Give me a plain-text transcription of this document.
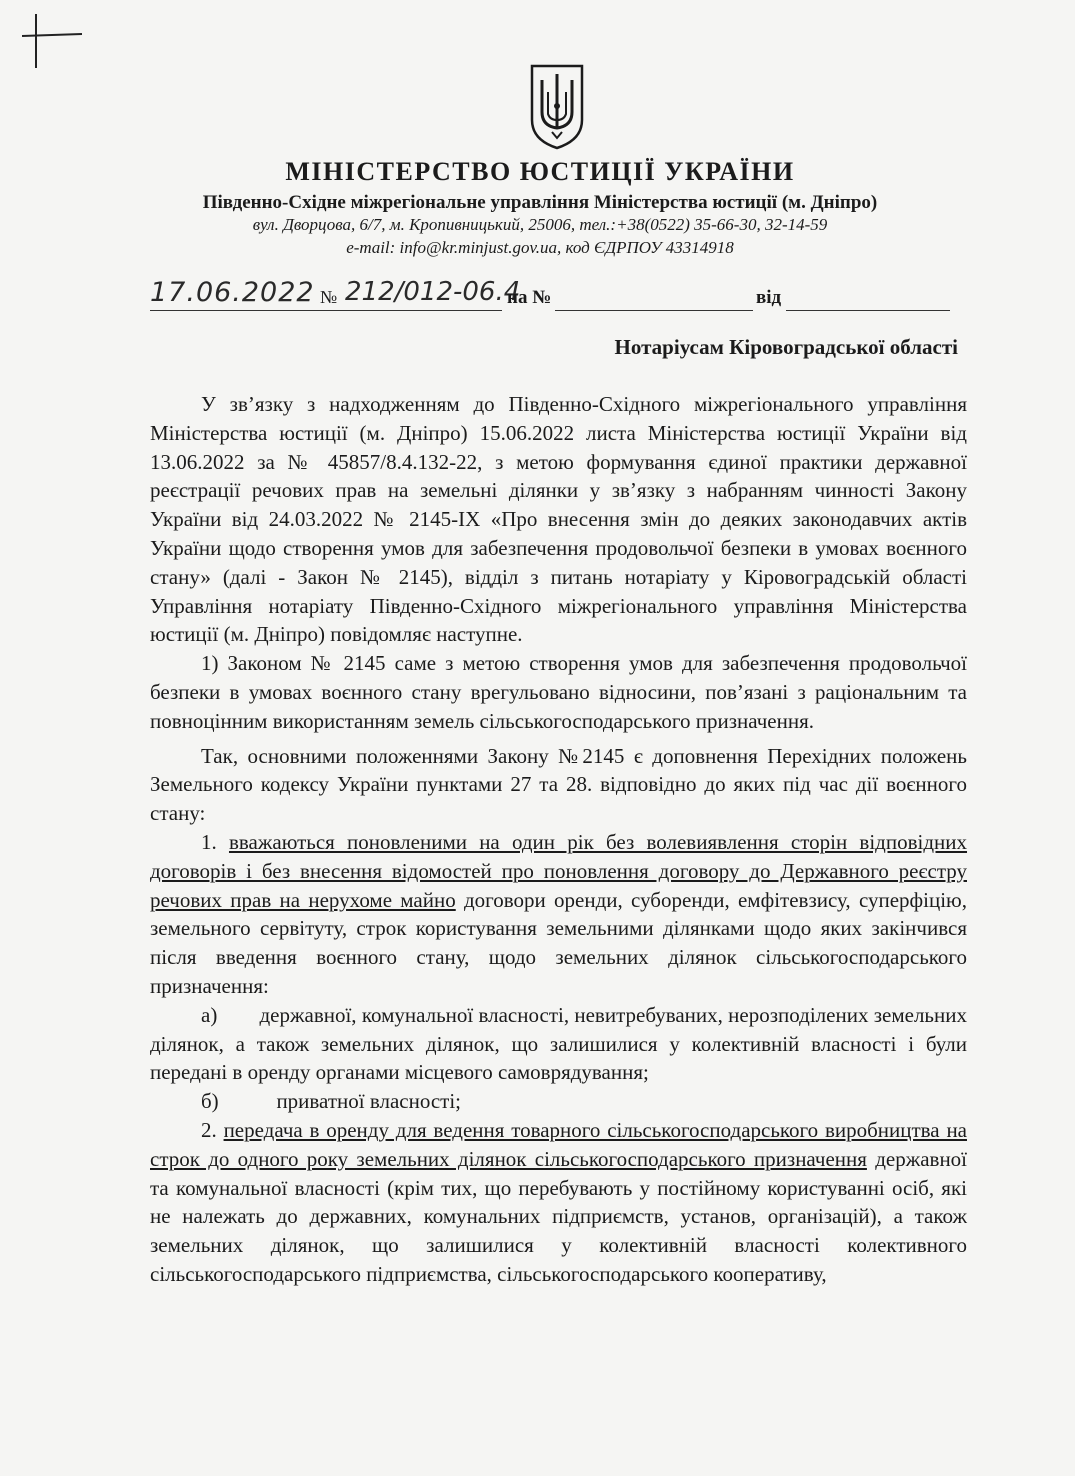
МІНІСТЕРСТВО ЮСТИЦІЇ УКРАЇНИ
Південно-Східне міжрегіональне управління Міністерства юстиції (м. Дніпро)
вул. Дворцова, 6/7, м. Кропивницький, 25006, тел.:+38(0522) 35-66-30, 32-14-59
e-mail: info@kr.minjust.gov.ua, код ЄДРПОУ 43314918
17.06.2022 № 212/012-06.4
на №	від
Нотаріусам Кіровоградської області

У зв’язку з надходженням до Південно-Східного міжрегіонального управління Міністерства юстиції (м. Дніпро) 15.06.2022 листа Міністерства юстиції України від 13.06.2022 за № 45857/8.4.132-22, з метою формування єдиної практики державної реєстрації речових прав на земельні ділянки у зв’язку з набранням чинності Закону України від 24.03.2022 № 2145-IX «Про внесення змін до деяких законодавчих актів України щодо створення умов для забезпечення продовольчої безпеки в умовах воєнного стану» (далі - Закон № 2145), відділ з питань нотаріату у Кіровоградській області Управління нотаріату Південно-Східного міжрегіонального управління Міністерства юстиції (м. Дніпро) повідомляє наступне.

1) Законом № 2145 саме з метою створення умов для забезпечення продовольчої безпеки в умовах воєнного стану врегульовано відносини, пов’язані з раціональним та повноцінним використанням земель сільськогосподарського призначення.

Так, основними положеннями Закону №2145 є доповнення Перехідних положень Земельного кодексу України пунктами 27 та 28. відповідно до яких під час дії воєнного стану:

1. вважаються поновленими на один рік без волевиявлення сторін відповідних договорів і без внесення відомостей про поновлення договору до Державного реєстру речових прав на нерухоме майно договори оренди, суборенди, емфітевзису, суперфіцію, земельного сервітуту, строк користування земельними ділянками щодо яких закінчився після введення воєнного стану, щодо земельних ділянок сільськогосподарського призначення:

а) державної, комунальної власності, невитребуваних, нерозподілених земельних ділянок, а також земельних ділянок, що залишилися у колективній власності і були передані в оренду органами місцевого самоврядування;

б)	приватної власності;

2. передача в оренду для ведення товарного сільськогосподарського виробництва на строк до одного року земельних ділянок сільськогосподарського призначення державної та комунальної власності (крім тих, що перебувають у постійному користуванні осіб, які не належать до державних, комунальних підприємств, установ, організацій), а також земельних ділянок, що залишилися у колективній власності колективного сільськогосподарського підприємства, сільськогосподарського кооперативу,
